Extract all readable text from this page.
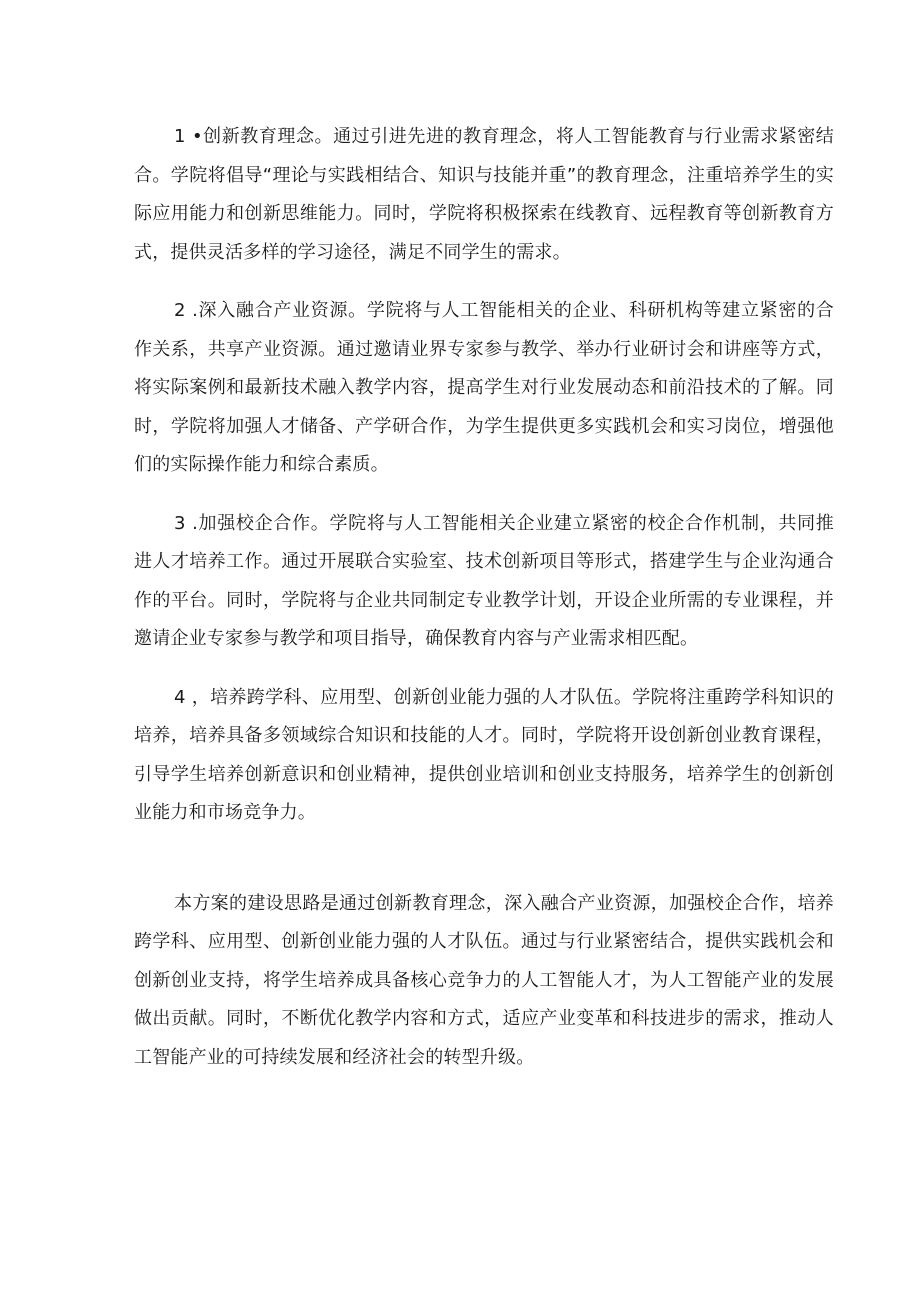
1 •创新教育理念。通过引进先进的教育理念，将人工智能教育与行业需求紧密结合。学院将倡导“理论与实践相结合、知识与技能并重”的教育理念，注重培养学生的实际应用能力和创新思维能力。同时，学院将积极探索在线教育、远程教育等创新教育方式，提供灵活多样的学习途径，满足不同学生的需求。

2 .深入融合产业资源。学院将与人工智能相关的企业、科研机构等建立紧密的合作关系，共享产业资源。通过邀请业界专家参与教学、举办行业研讨会和讲座等方式，将实际案例和最新技术融入教学内容，提高学生对行业发展动态和前沿技术的了解。同时，学院将加强人才储备、产学研合作，为学生提供更多实践机会和实习岗位，增强他们的实际操作能力和综合素质。

3 .加强校企合作。学院将与人工智能相关企业建立紧密的校企合作机制，共同推进人才培养工作。通过开展联合实验室、技术创新项目等形式，搭建学生与企业沟通合作的平台。同时，学院将与企业共同制定专业教学计划，开设企业所需的专业课程，并邀请企业专家参与教学和项目指导，确保教育内容与产业需求相匹配。

4 ，培养跨学科、应用型、创新创业能力强的人才队伍。学院将注重跨学科知识的培养，培养具备多领域综合知识和技能的人才。同时，学院将开设创新创业教育课程，引导学生培养创新意识和创业精神，提供创业培训和创业支持服务，培养学生的创新创业能力和市场竞争力。

本方案的建设思路是通过创新教育理念，深入融合产业资源，加强校企合作，培养跨学科、应用型、创新创业能力强的人才队伍。通过与行业紧密结合，提供实践机会和创新创业支持，将学生培养成具备核心竞争力的人工智能人才，为人工智能产业的发展做出贡献。同时，不断优化教学内容和方式，适应产业变革和科技进步的需求，推动人工智能产业的可持续发展和经济社会的转型升级。
